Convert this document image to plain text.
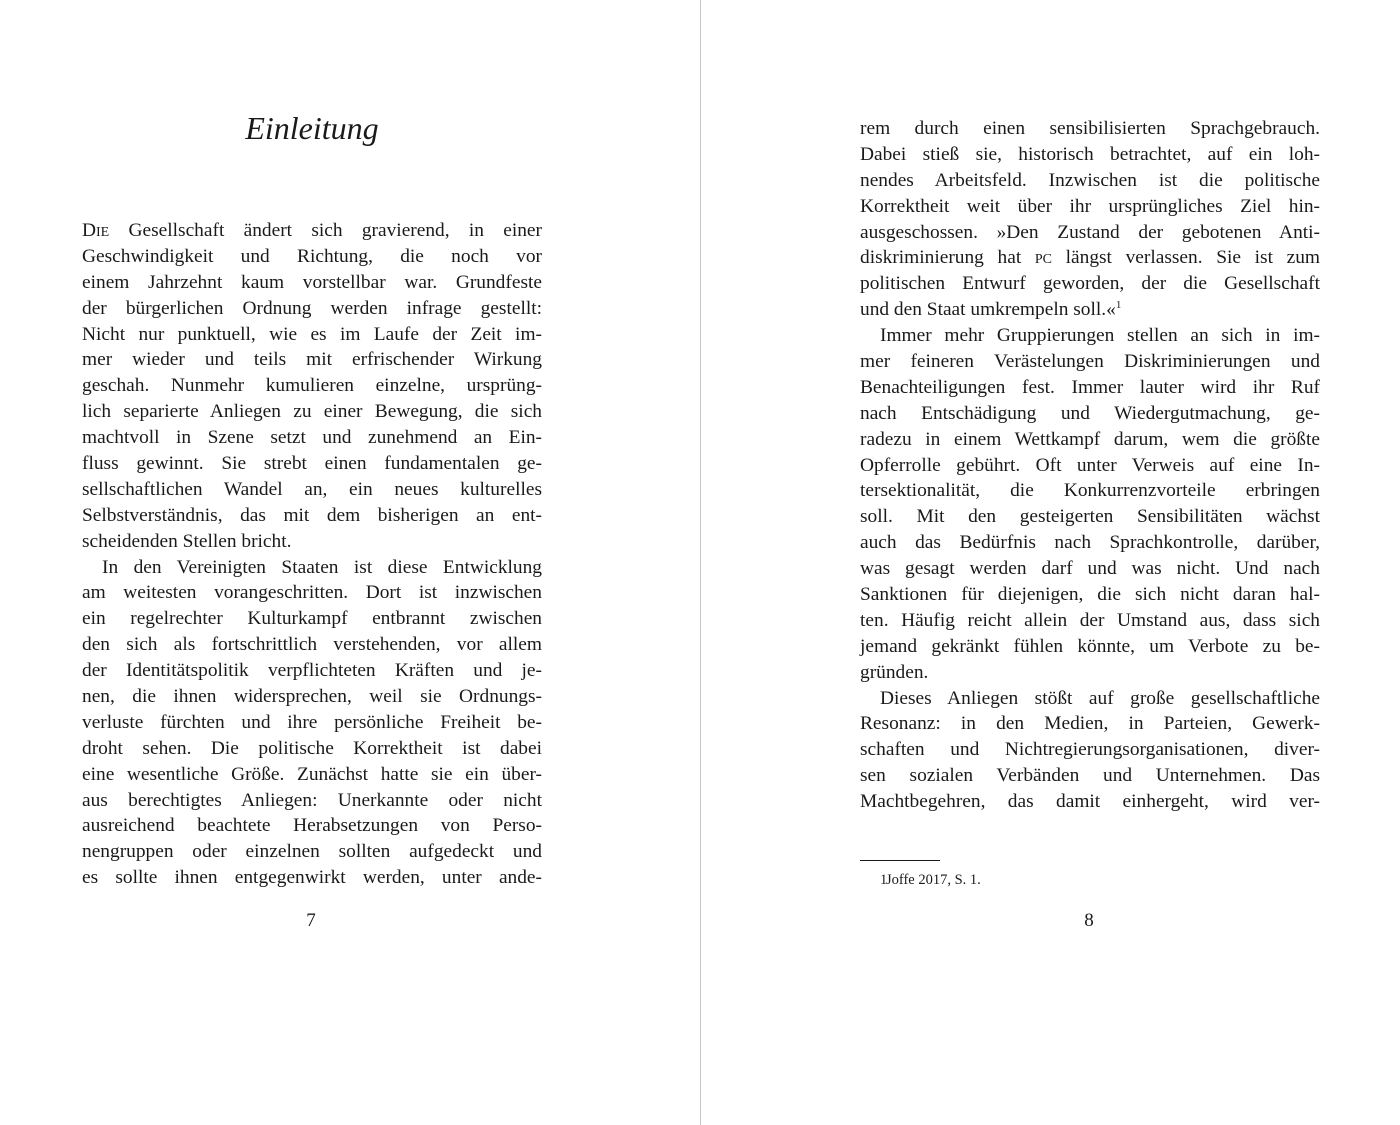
Einleitung
Die Gesellschaft ändert sich gravierend, in einer
Geschwindigkeit und Richtung, die noch vor
einem Jahrzehnt kaum vorstellbar war. Grundfeste
der bürgerlichen Ordnung werden infrage gestellt:
Nicht nur punktuell, wie es im Laufe der Zeit im-
mer wieder und teils mit erfrischender Wirkung
geschah. Nunmehr kumulieren einzelne, ursprüng-
lich separierte Anliegen zu einer Bewegung, die sich
machtvoll in Szene setzt und zunehmend an Ein-
fluss gewinnt. Sie strebt einen fundamentalen ge-
sellschaftlichen Wandel an, ein neues kulturelles
Selbstverständnis, das mit dem bisherigen an ent-
scheidenden Stellen bricht.
In den Vereinigten Staaten ist diese Entwicklung
am weitesten vorangeschritten. Dort ist inzwischen
ein regelrechter Kulturkampf entbrannt zwischen
den sich als fortschrittlich verstehenden, vor allem
der Identitätspolitik verpflichteten Kräften und je-
nen, die ihnen widersprechen, weil sie Ordnungs-
verluste fürchten und ihre persönliche Freiheit be-
droht sehen. Die politische Korrektheit ist dabei
eine wesentliche Größe. Zunächst hatte sie ein über-
aus berechtigtes Anliegen: Unerkannte oder nicht
ausreichend beachtete Herabsetzungen von Perso-
nengruppen oder einzelnen sollten aufgedeckt und
es sollte ihnen entgegenwirkt werden, unter ande-
7
rem durch einen sensibilisierten Sprachgebrauch.
Dabei stieß sie, historisch betrachtet, auf ein loh-
nendes Arbeitsfeld. Inzwischen ist die politische
Korrektheit weit über ihr ursprüngliches Ziel hin-
ausgeschossen. »Den Zustand der gebotenen Anti-
diskriminierung hat pc längst verlassen. Sie ist zum
politischen Entwurf geworden, der die Gesellschaft
und den Staat umkrempeln soll.«$^1$
Immer mehr Gruppierungen stellen an sich in im-
mer feineren Verästelungen Diskriminierungen und
Benachteiligungen fest. Immer lauter wird ihr Ruf
nach Entschädigung und Wiedergutmachung, ge-
radezu in einem Wettkampf darum, wem die größte
Opferrolle gebührt. Oft unter Verweis auf eine In-
tersektionalität, die Konkurrenzvorteile erbringen
soll. Mit den gesteigerten Sensibilitäten wächst
auch das Bedürfnis nach Sprachkontrolle, darüber,
was gesagt werden darf und was nicht. Und nach
Sanktionen für diejenigen, die sich nicht daran hal-
ten. Häufig reicht allein der Umstand aus, dass sich
jemand gekränkt fühlen könnte, um Verbote zu be-
gründen.
Dieses Anliegen stößt auf große gesellschaftliche
Resonanz: in den Medien, in Parteien, Gewerk-
schaften und Nichtregierungsorganisationen, diver-
sen sozialen Verbänden und Unternehmen. Das
Machtbegehren, das damit einhergeht, wird ver-
1Joffe 2017, S. 1.
8
